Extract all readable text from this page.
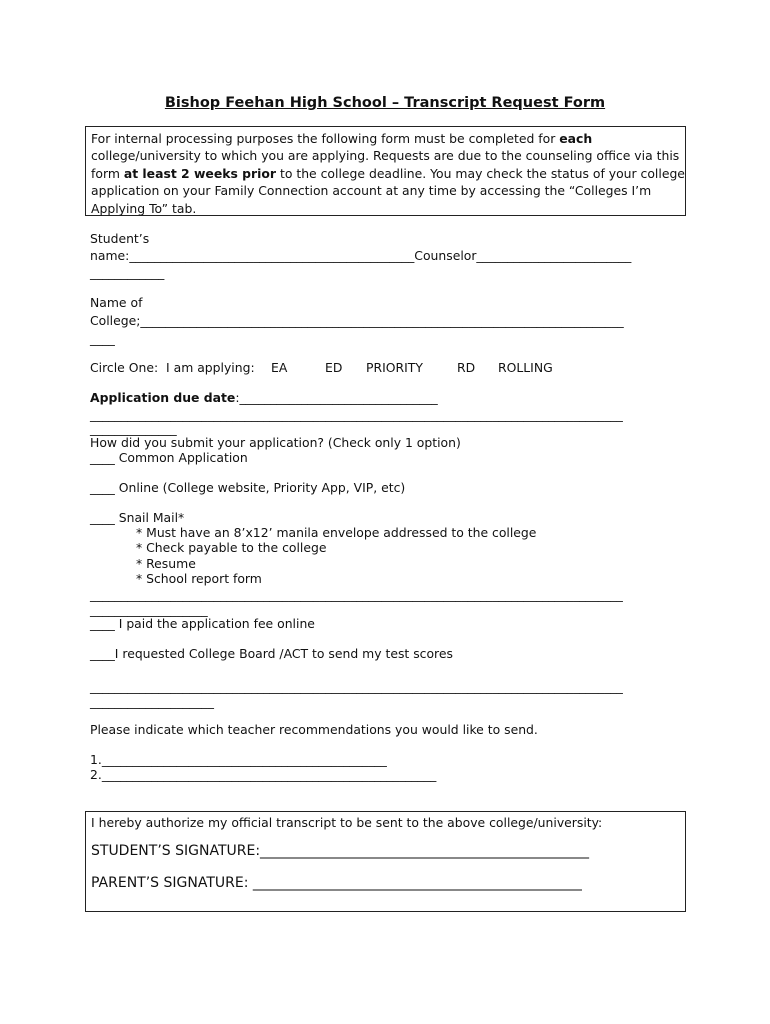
Bishop Feehan High School – Transcript Request Form
For internal processing purposes the following form must be completed for each college/university to which you are applying. Requests are due to the counseling office via this form at least 2 weeks prior to the college deadline. You may check the status of your college application on your Family Connection account at any time by accessing the “Colleges I’m Applying To” tab.
Student’s
name:______________________________________________Counselor_________________________
____________
Name of
College;______________________________________________________________________________
____
Circle One:  I am applying: EA	ED PRIORITY	RD ROLLING
Application due date:________________________________
______________________________________________________________________________________
______________
How did you submit your application? (Check only 1 option)
____ Common Application
____ Online (College website, Priority App, VIP, etc)
____ Snail Mail*
* Must have an 8’x12’ manila envelope addressed to the college
* Check payable to the college
* Resume
* School report form
______________________________________________________________________________________
___________________
____ I paid the application fee online
____I requested College Board /ACT to send my test scores
______________________________________________________________________________________
____________________
Please indicate which teacher recommendations you would like to send.
1.______________________________________________
2.______________________________________________________
I hereby authorize my official transcript to be sent to the above college/university:
STUDENT’S SIGNATURE:_______________________________________________
PARENT’S SIGNATURE: _______________________________________________
